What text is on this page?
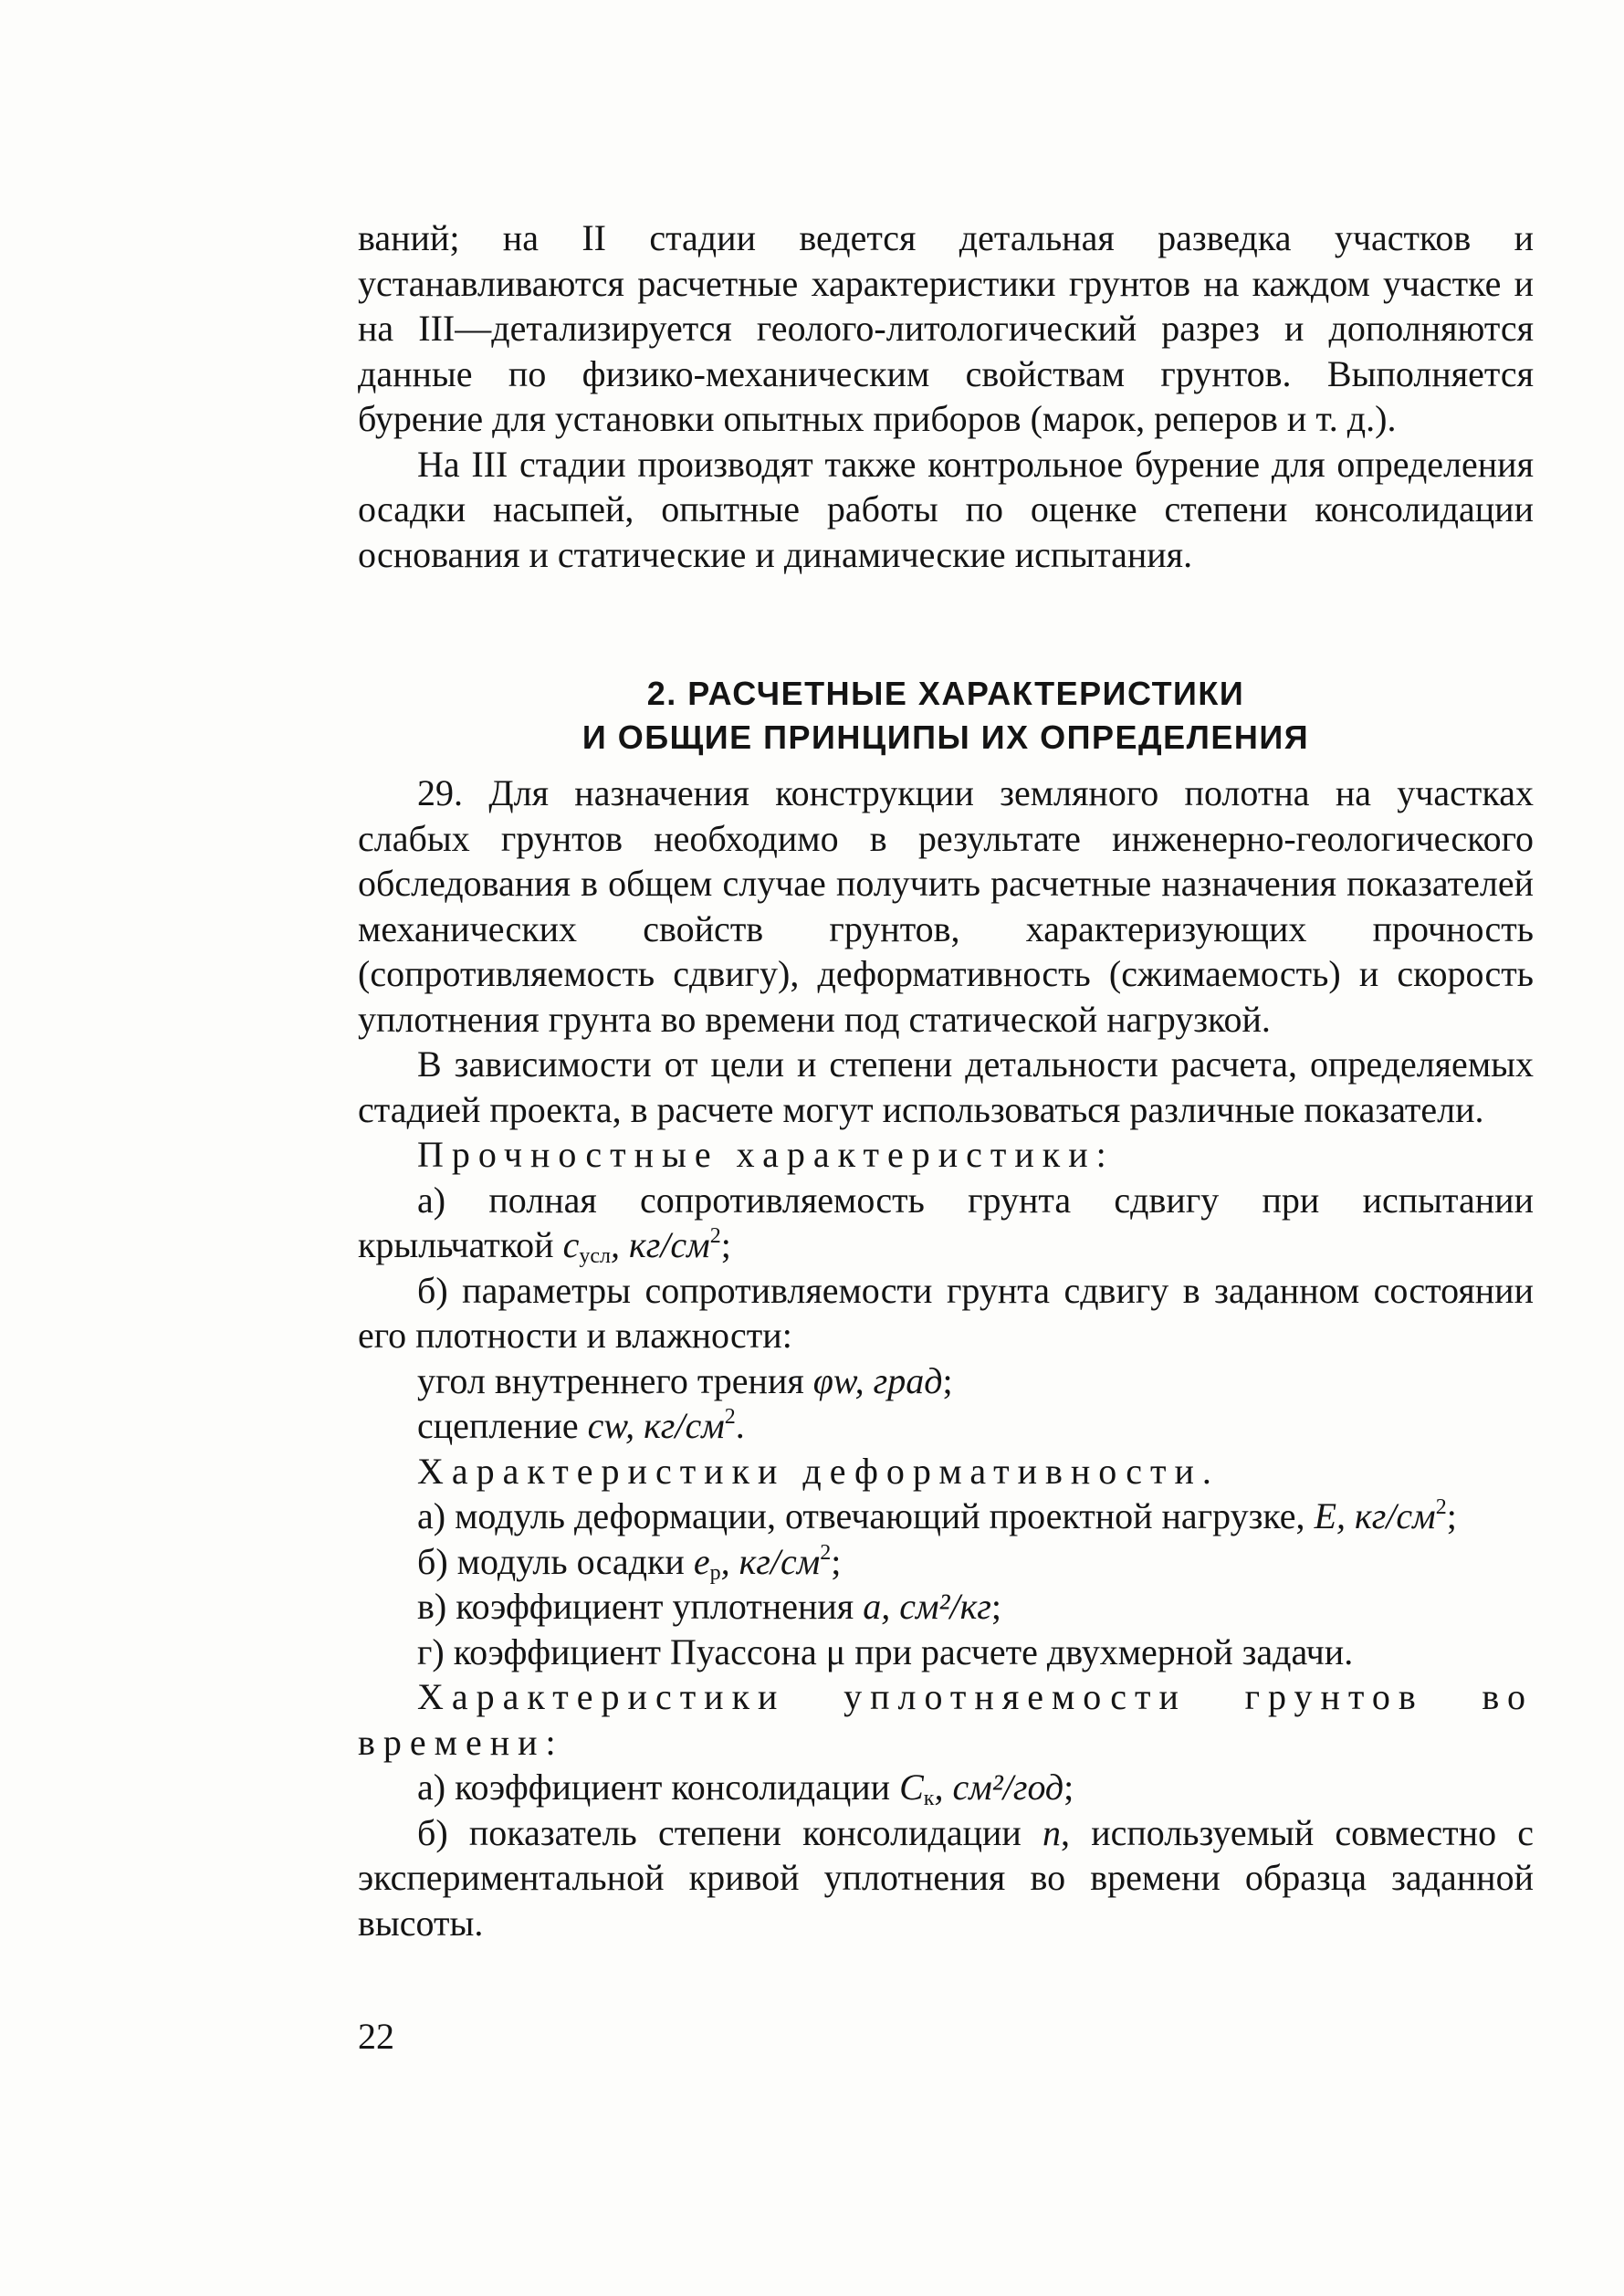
ваний; на II стадии ведется детальная разведка участков и устанавливаются расчетные характеристики грунтов на каждом участке и на III—детализируется геолого-литологический разрез и дополняются данные по физико-механическим свойствам грунтов. Выполняется бурение для установки опытных приборов (марок, реперов и т. д.).

На III стадии производят также контрольное бурение для определения осадки насыпей, опытные работы по оценке степени консолидации основания и статические и динамические испытания.

2. РАСЧЕТНЫЕ ХАРАКТЕРИСТИКИ
И ОБЩИЕ ПРИНЦИПЫ ИХ ОПРЕДЕЛЕНИЯ

29. Для назначения конструкции земляного полотна на участках слабых грунтов необходимо в результате инженерно-геологического обследования в общем случае получить расчетные назначения показателей механических свойств грунтов, характеризующих прочность (сопротивляемость сдвигу), деформативность (сжимаемость) и скорость уплотнения грунта во времени под статической нагрузкой.

В зависимости от цели и степени детальности расчета, определяемых стадией проекта, в расчете могут использоваться различные показатели.

Прочностные характеристики:

а) полная сопротивляемость грунта сдвигу при испытании крыльчаткой $c_{усл}$, $кг/см^2$;

б) параметры сопротивляемости грунта сдвигу в заданном состоянии его плотности и влажности:

угол внутреннего трения φw, град;

сцепление cw, $кг/см^2$.

Характеристики деформативности.

а) модуль деформации, отвечающий проектной нагрузке, E, $кг/см^2$;

б) модуль осадки $e_p$, $кг/см^2$;

в) коэффициент уплотнения a, см²/кг;

г) коэффициент Пуассона μ при расчете двухмерной задачи.

Характеристики уплотняемости грунтов во времени:

а) коэффициент консолидации $C_к$, см²/год;

б) показатель степени консолидации n, используемый совместно с экспериментальной кривой уплотнения во времени образца заданной высоты.

22
